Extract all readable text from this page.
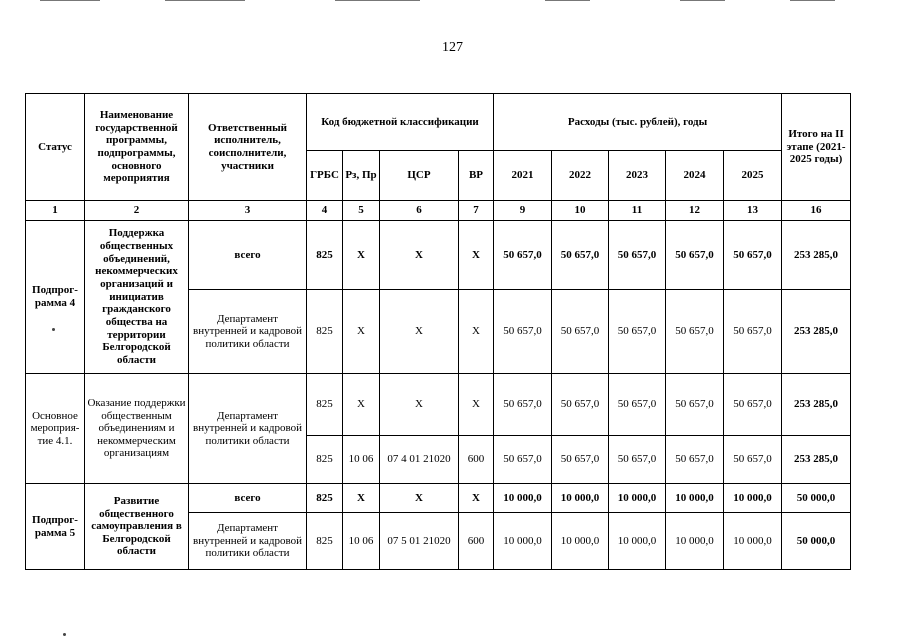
127
Статус	Наименование государственной программы, подпрограммы, основного мероприятия	Ответственный исполнитель, соисполнители, участники	Код бюджетной классификации				Расходы (тыс. рублей), годы					Итого на II этапе (2021-2025 годы)
			ГРБС	Рз, Пр	ЦСР	ВР	2021	2022	2023	2024	2025	
1	2	3	4	5	6	7	9	10	11	12	13	16
Подпрог-рамма 4	Поддержка общественных объединений, некоммерческих организаций и инициатив гражданского общества на территории Белгородской области	всего	825	Х	Х	Х	50 657,0	50 657,0	50 657,0	50 657,0	50 657,0	253 285,0
		Департамент внутренней и кадровой политики области	825	Х	Х	Х	50 657,0	50 657,0	50 657,0	50 657,0	50 657,0	253 285,0
Основное мероприя-тие 4.1.	Оказание поддержки общественным объединениям и некоммерческим организациям	Департамент внутренней и кадровой политики области	825	Х	Х	Х	50 657,0	50 657,0	50 657,0	50 657,0	50 657,0	253 285,0
			825	10 06	07 4 01 21020	600	50 657,0	50 657,0	50 657,0	50 657,0	50 657,0	253 285,0
Подпрог-рамма 5	Развитие общественного самоуправления в Белгородской области	всего	825	Х	Х	Х	10 000,0	10 000,0	10 000,0	10 000,0	10 000,0	50 000,0
		Департамент внутренней и кадровой политики области	825	10 06	07 5 01 21020	600	10 000,0	10 000,0	10 000,0	10 000,0	10 000,0	50 000,0
